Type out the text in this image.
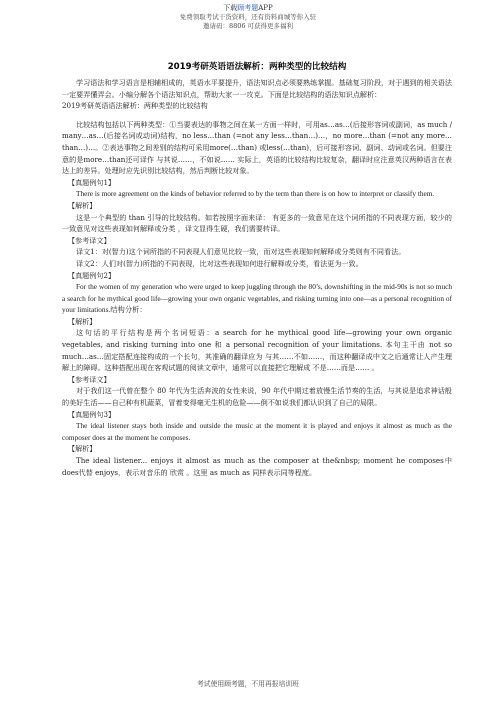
下载顾考题APP
免费领取考试干货资料，还有资料商城等你入驻
邀请码：8806 可获得更多福利
2019考研英语语法解析：两种类型的比较结构

学习语法和学习语言是相辅相成的，英语水平要提升，语法知识点必须要熟练掌握。基础复习阶段，对于遇到的相关语法一定要弄懂弄会。小编分解各个语法知识点，帮助大家一一攻克。下面是比较结构的语法知识点解析：

2019考研英语语法解析：两种类型的比较结构

比较结构包括以下两种类型：①当要表达的事物之间在某一方面一样时，可用as…as…(后接形容词或副词，as much / many…as…(后接名词或动词)结构，no less…than (=not any less…than…)…，no more…than (=not any more…than…)…。②表达事物之间差别的结构可采用more(…than) 或less(…than)，后可接形容词、副词、动词或名词。但要注意的是more…than还可译作 与其说……，不如说…… 实际上，英语的比较结构比较复杂，翻译时应注意英汉两种语言在表达上的差异。处理时应先识别比较结构，然后判断比较对象。

【真题例句1】

There is more agreement on the kinds of behavior referred to by the term than there is on how to interpret or classify them.

【解析】

这是一个典型的 than 引导的比较结构。如若按照字面来译： 有更多的一致意见在这个词所指的不同表现方面，较少的一致意见对这些表现如何解释或分类 ，译文显得生硬，我们需要转译。

【参考译文】

译文1：对(智力)这个词所指的不同表现人们意见比较一致，而对这些表现如何解释或分类则有不同看法。

译文2：人们对(智力)所指的不同表现，比对这些表现如何进行解释或分类，看法更为一致。

【真题例句2】

For the women of my generation who were urged to keep juggling through the 80’s, downshifting in the mid-90s is not so much a search for he mythical good life—growing your own organic vegetables, and risking turning into one—as a personal recognition of your limitations.结构分析：

【解析】

这句话的平行结构是两个名词短语：a search for he mythical good life—growing your own organic vegetables, and risking turning into one 和 a personal recognition of your limitations. 本句主干由 not so much…as…固定搭配连接构成的一个长句，其准确的翻译应为 与其……不如……，而这种翻译成中文之后通常让人产生理解上的障碍。这种搭配出现在客观试题的阅读文章中，通常可以直接把它理解成 不是……而是…… 。

【参考译文】

对于我们这一代曾在整个 80 年代为生活奔波的女性来说，90 年代中期过着放慢生活节奏的生活，与其说是追求神话般的美好生活——自己种有机蔬菜，冒着变得毫无生机的危险——倒不如说我们都认识到了自己的局限。

【真题例句3】

The ideal listener stays both inside and outside the music at the moment it is played and enjoys it almost as much as the composer does at the moment he composes.

【解析】

The ideal listener... enjoys it almost as much as the composer at the&nbsp; moment he composes中 does代替 enjoys，表示对音乐的 欣赏 。这里 as much as 同样表示同等程度。

考试使用顾考题，不用再报培训班
